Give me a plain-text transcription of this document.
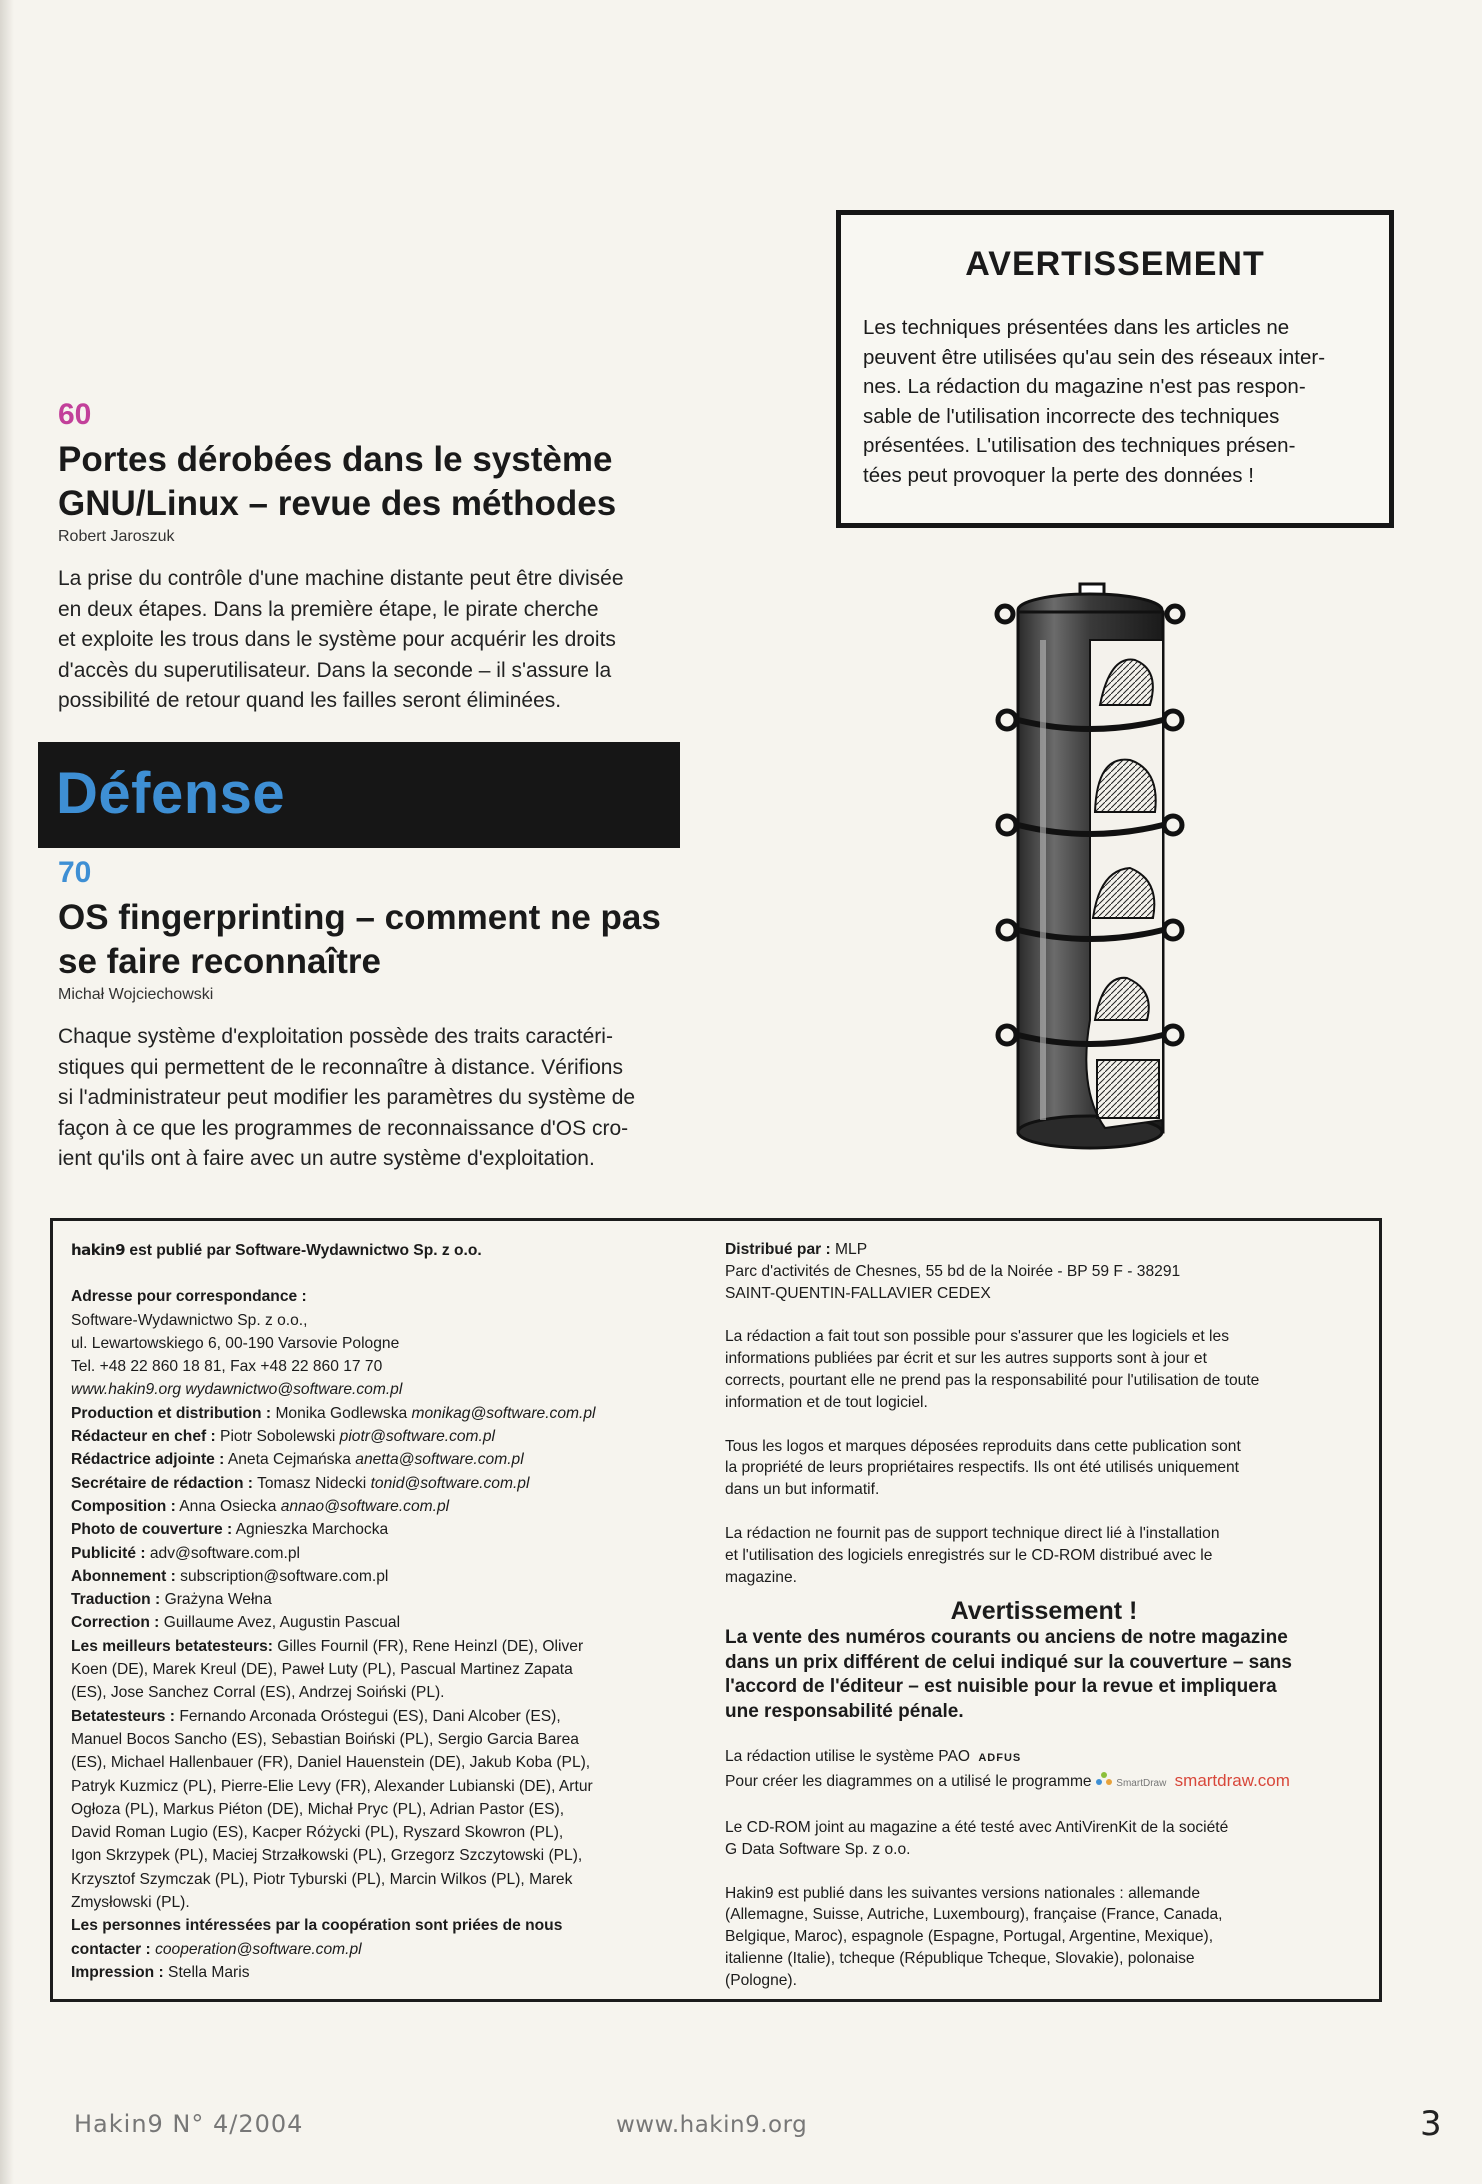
60
Portes dérobées dans le système
GNU/Linux – revue des méthodes
Robert Jaroszuk
La prise du contrôle d'une machine distante peut être divisée
en deux étapes. Dans la première étape, le pirate cherche
et exploite les trous dans le système pour acquérir les droits
d'accès du superutilisateur. Dans la seconde – il s'assure la
possibilité de retour quand les failles seront éliminées.
Défense
70
OS fingerprinting – comment ne pas
se faire reconnaître
Michał Wojciechowski
Chaque système d'exploitation possède des traits caractéri-
stiques qui permettent de le reconnaître à distance. Vérifions
si l'administrateur peut modifier les paramètres du système de
façon à ce que les programmes de reconnaissance d'OS cro-
ient qu'ils ont à faire avec un autre système d'exploitation.
AVERTISSEMENT
Les techniques présentées dans les articles ne
peuvent être utilisées qu'au sein des réseaux inter-
nes. La rédaction du magazine n'est pas respon-
sable de l'utilisation incorrecte des techniques
présentées. L'utilisation des techniques présen-
tées peut provoquer la perte des données !

hakin9 est publié par Software-Wydawnictwo Sp. z o.o.

Adresse pour correspondance :

Software-Wydawnictwo Sp. z o.o.,

ul. Lewartowskiego 6, 00-190 Varsovie Pologne

Tel. +48 22 860 18 81, Fax +48 22 860 17 70

www.hakin9.org wydawnictwo@software.com.pl

Production et distribution : Monika Godlewska monikag@software.com.pl

Rédacteur en chef : Piotr Sobolewski piotr@software.com.pl

Rédactrice adjointe : Aneta Cejmańska anetta@software.com.pl

Secrétaire de rédaction : Tomasz Nidecki tonid@software.com.pl

Composition : Anna Osiecka annao@software.com.pl

Photo de couverture : Agnieszka Marchocka

Publicité : adv@software.com.pl

Abonnement : subscription@software.com.pl

Traduction : Grażyna Wełna

Correction : Guillaume Avez, Augustin Pascual

Les meilleurs betatesteurs: Gilles Fournil (FR), Rene Heinzl (DE), Oliver

Koen (DE), Marek Kreul (DE), Paweł Luty (PL), Pascual Martinez Zapata

(ES), Jose Sanchez Corral (ES), Andrzej Soiński (PL).

Betatesteurs : Fernando Arconada Oróstegui (ES), Dani Alcober (ES),

Manuel Bocos Sancho (ES), Sebastian Boiński (PL), Sergio Garcia Barea

(ES), Michael Hallenbauer (FR), Daniel Hauenstein (DE), Jakub Koba (PL),

Patryk Kuzmicz (PL), Pierre-Elie Levy (FR), Alexander Lubianski (DE), Artur

Ogłoza (PL), Markus Piéton (DE), Michał Pryc (PL), Adrian Pastor (ES),

David Roman Lugio (ES), Kacper Różycki (PL), Ryszard Skowron (PL),

Igon Skrzypek (PL), Maciej Strzałkowski (PL), Grzegorz Szczytowski (PL),

Krzysztof Szymczak (PL), Piotr Tyburski (PL), Marcin Wilkos (PL), Marek

Zmysłowski (PL).

Les personnes intéressées par la coopération sont priées de nous

contacter : cooperation@software.com.pl

Impression : Stella Maris

Distribué par : MLP

Parc d'activités de Chesnes, 55 bd de la Noirée - BP 59 F - 38291

SAINT-QUENTIN-FALLAVIER CEDEX

La rédaction a fait tout son possible pour s'assurer que les logiciels et les

informations publiées par écrit et sur les autres supports sont à jour et

corrects, pourtant elle ne prend pas la responsabilité pour l'utilisation de toute

information et de tout logiciel.

Tous les logos et marques déposées reproduits dans cette publication sont

la propriété de leurs propriétaires respectifs. Ils ont été utilisés uniquement

dans un but informatif.

La rédaction ne fournit pas de support technique direct lié à l'installation

et l'utilisation des logiciels enregistrés sur le CD-ROM distribué avec le

magazine.

Avertissement !

La vente des numéros courants ou anciens de notre magazine

dans un prix différent de celui indiqué sur la couverture – sans

l'accord de l'éditeur – est nuisible pour la revue et impliquera

une responsabilité pénale.

La rédaction utilise le système PAO ADFUS

Pour créer les diagrammes on a utilisé le programme SmartDraw smartdraw.com

Le CD-ROM joint au magazine a été testé avec AntiVirenKit de la société

G Data Software Sp. z o.o.

Hakin9 est publié dans les suivantes versions nationales : allemande

(Allemagne, Suisse, Autriche, Luxembourg), française (France, Canada,

Belgique, Maroc), espagnole (Espagne, Portugal, Argentine, Mexique),

italienne (Italie), tcheque (République Tcheque, Slovakie), polonaise

(Pologne).

Hakin9 N° 4/2004	www.hakin9.org	3
